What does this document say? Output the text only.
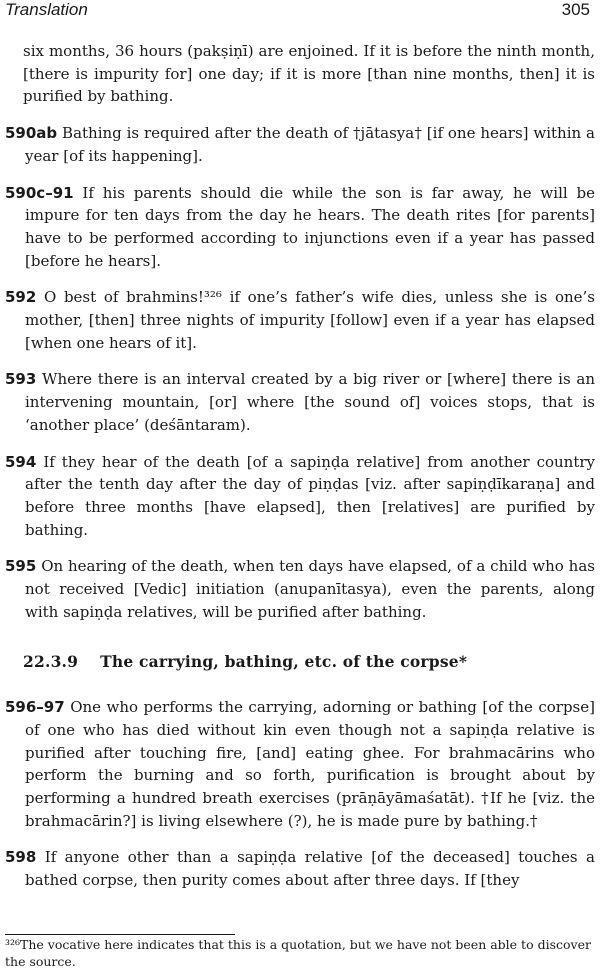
Translation	305

six months, 36 hours (pakṣiṇī) are enjoined. If it is before the ninth month, [there is impurity for] one day; if it is more [than nine months, then] it is purified by bathing.

590ab Bathing is required after the death of †jātasya† [if one hears] within a year [of its happening].

590c–91 If his parents should die while the son is far away, he will be impure for ten days from the day he hears. The death rites [for parents] have to be performed according to injunctions even if a year has passed [before he hears].

592 O best of brahmins!³²⁶ if one’s father’s wife dies, unless she is one’s mother, [then] three nights of impurity [follow] even if a year has elapsed [when one hears of it].

593 Where there is an interval created by a big river or [where] there is an intervening mountain, [or] where [the sound of] voices stops, that is ‘another place’ (deśāntaram).

594 If they hear of the death [of a sapiṇḍa relative] from another country after the tenth day after the day of piṇḍas [viz. after sapiṇḍīkaraṇa] and before three months [have elapsed], then [relatives] are purified by bathing.

595 On hearing of the death, when ten days have elapsed, of a child who has not received [Vedic] initiation (anupanītasya), even the parents, along with sapiṇḍa relatives, will be purified after bathing.

22.3.9 The carrying, bathing, etc. of the corpse*

596–97 One who performs the carrying, adorning or bathing [of the corpse] of one who has died without kin even though not a sapiṇḍa relative is purified after touching fire, [and] eating ghee. For brahmacārins who perform the burning and so forth, purification is brought about by performing a hundred breath exercises (prāṇāyāmaśatāt). †If he [viz. the brahmacārin?] is living elsewhere (?), he is made pure by bathing.†

598 If anyone other than a sapiṇḍa relative [of the deceased] touches a bathed corpse, then purity comes about after three days. If [they

³²⁶The vocative here indicates that this is a quotation, but we have not been able to discover the source.
